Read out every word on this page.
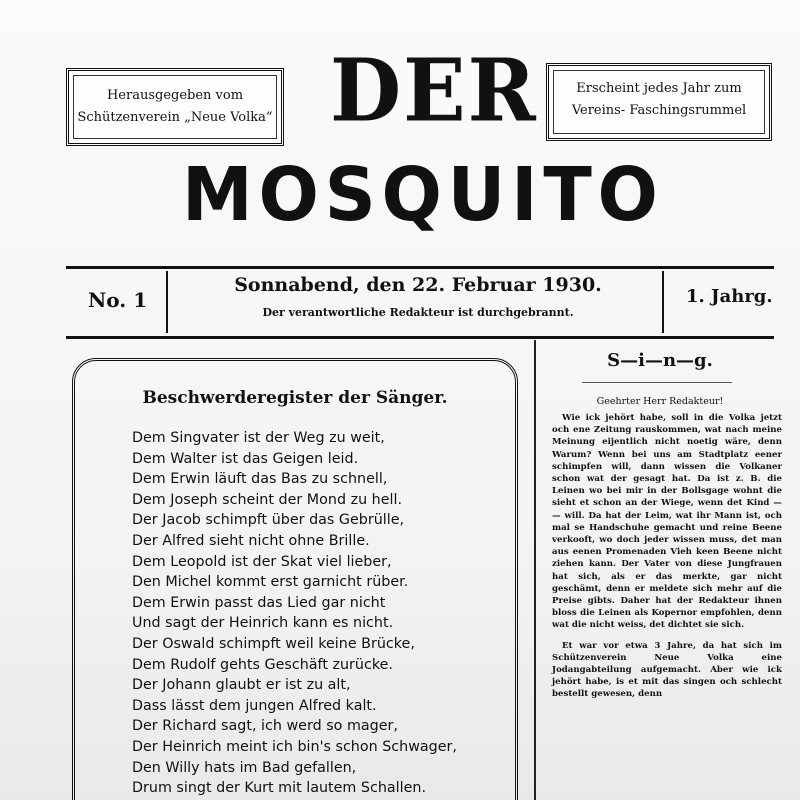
Herausgegeben vom
Schützenverein „Neue Volka“ DER
MOSQUITO
Erscheint jedes Jahr zum
Vereins- Faschingsrummel
No. 1
Sonnabend, den 22. Februar 1930.
Der verantwortliche Redakteur ist durchgebrannt.
1. Jahrg.
Beschwerderegister der Sänger.
Dem Singvater ist der Weg zu weit,
Dem Walter ist das Geigen leid.
Dem Erwin läuft das Bas zu schnell,
Dem Joseph scheint der Mond zu hell.
Der Jacob schimpft über das Gebrülle,
Der Alfred sieht nicht ohne Brille.
Dem Leopold ist der Skat viel lieber,
Den Michel kommt erst garnicht rüber.
Dem Erwin passt das Lied gar nicht
Und sagt der Heinrich kann es nicht.
Der Oswald schimpft weil keine Brücke,
Dem Rudolf gehts Geschäft zurücke.
Der Johann glaubt er ist zu alt,
Dass lässt dem jungen Alfred kalt.
Der Richard sagt, ich werd so mager,
Der Heinrich meint ich bin's schon Schwager,
Den Willy hats im Bad gefallen,
Drum singt der Kurt mit lautem Schallen.
S—i—n—g.
Geehrter Herr Redakteur!

Wie ick jehört habe, soll in die Volka jetzt och ene Zeitung rauskommen, wat nach meine Meinung eijentlich nicht noetig wäre, denn Warum? Wenn bei uns am Stadtplatz eener schimpfen will, dann wissen die Volkaner schon wat der gesagt hat. Da ist z. B. die Leinen wo bei mir in der Bollsgage wohnt die sieht et schon an der Wiege, wenn det Kind — — will. Da hat der Leim, wat ihr Mann ist, och mal se Handschuhe gemacht und reine Beene verkooft, wo doch jeder wissen muss, det man aus eenen Promenaden Vieh keen Beene nicht ziehen kann. Der Vater von diese Jungfrauen hat sich, als er das merkte, gar nicht geschämt, denn er meldete sich mehr auf die Preise gibts. Daher hat der Redakteur ihnen bloss die Leinen als Kopernor empfohlen, denn wat die nicht weiss, det dichtet sie sich.

Et war vor etwa 3 Jahre, da hat sich im Schützenverein Neue Volka eine Jodangabteilung aufgemacht. Aber wie ick jehört habe, is et mit das singen och schlecht bestellt gewesen, denn
